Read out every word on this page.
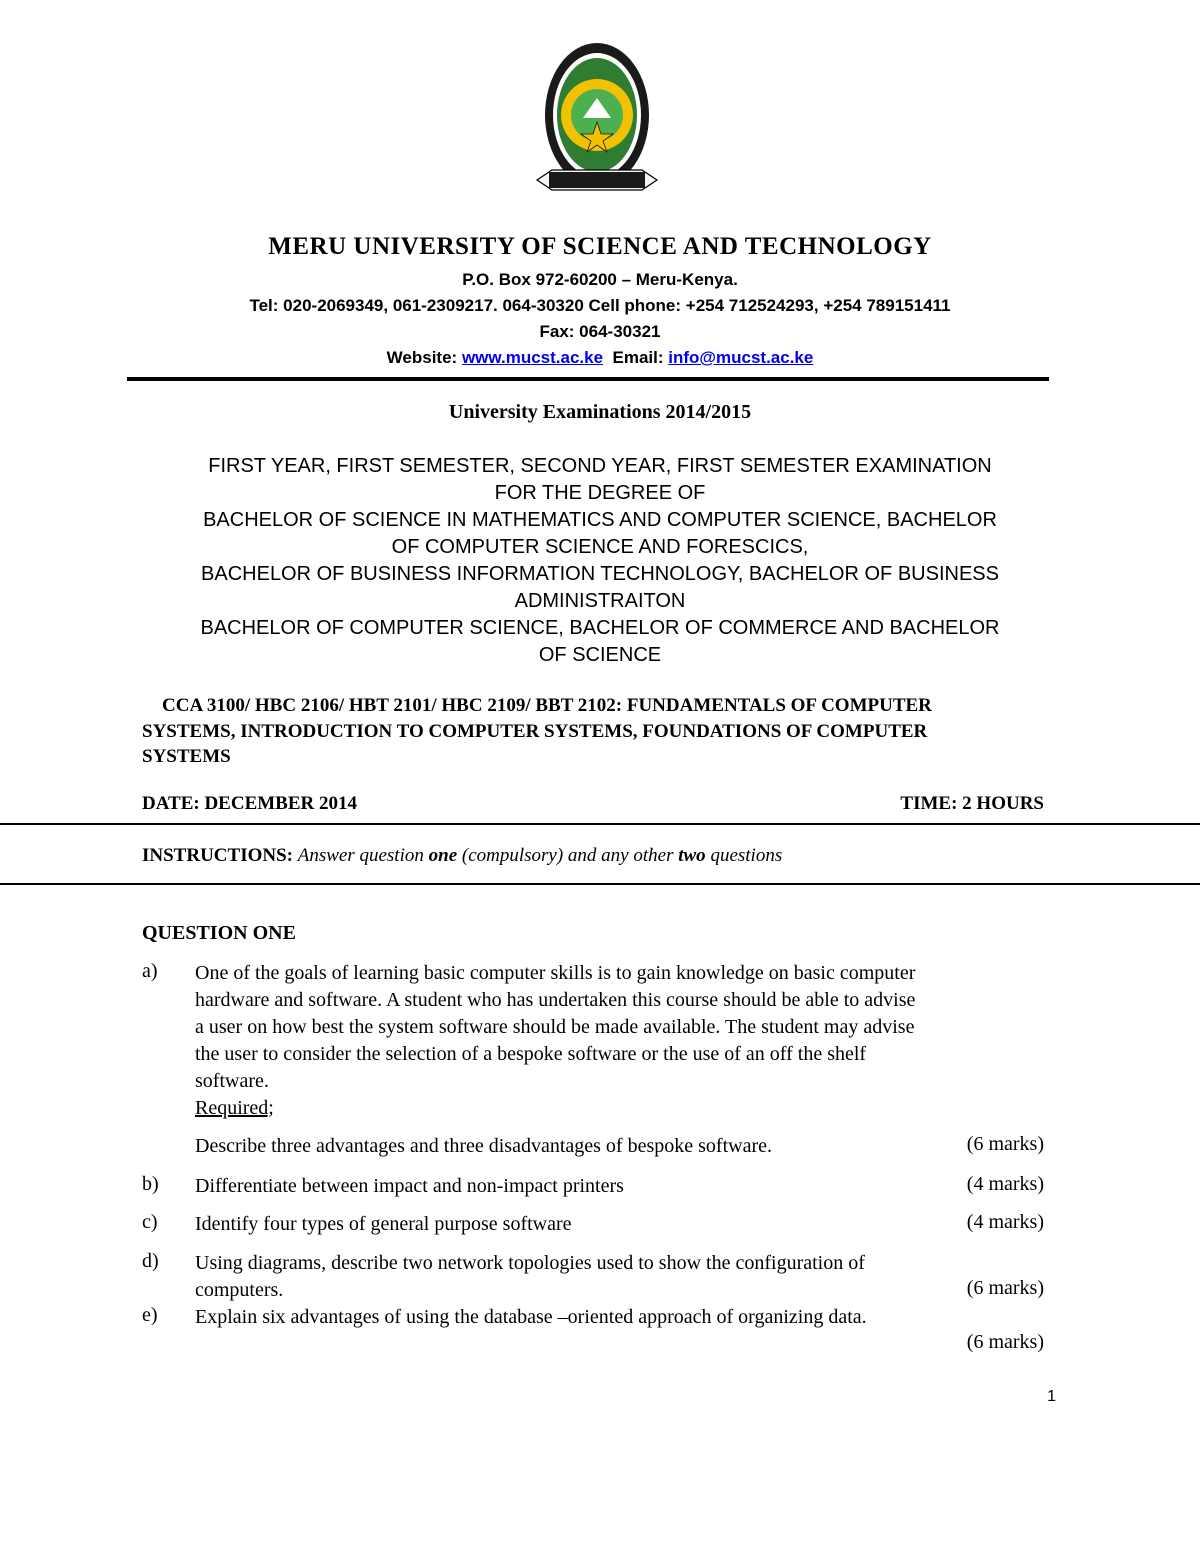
MERU UNIVERSITY OF SCIENCE AND TECHNOLOGY
P.O. Box 972-60200 – Meru-Kenya.
Tel: 020-2069349, 061-2309217. 064-30320 Cell phone: +254 712524293, +254 789151411
Fax: 064-30321
Website: www.mucst.ac.ke Email: info@mucst.ac.ke
University Examinations 2014/2015
FIRST YEAR, FIRST SEMESTER, SECOND YEAR, FIRST SEMESTER EXAMINATION
FOR THE DEGREE OF
BACHELOR OF SCIENCE IN MATHEMATICS AND COMPUTER SCIENCE, BACHELOR
OF COMPUTER SCIENCE AND FORESCICS,
BACHELOR OF BUSINESS INFORMATION TECHNOLOGY, BACHELOR OF BUSINESS
ADMINISTRAITON
BACHELOR OF COMPUTER SCIENCE, BACHELOR OF COMMERCE AND BACHELOR
OF SCIENCE
CCA 3100/ HBC 2106/ HBT 2101/ HBC 2109/ BBT 2102: FUNDAMENTALS OF COMPUTER
SYSTEMS, INTRODUCTION TO COMPUTER SYSTEMS, FOUNDATIONS OF COMPUTER
SYSTEMS
DATE: DECEMBER 2014	TIME: 2 HOURS
INSTRUCTIONS: Answer question one (compulsory) and any other two questions
QUESTION ONE
a) One of the goals of learning basic computer skills is to gain knowledge on basic computer
hardware and software. A student who has undertaken this course should be able to advise
a user on how best the system software should be made available. The student may advise
the user to consider the selection of a bespoke software or the use of an off the shelf
software.
Required;
Describe three advantages and three disadvantages of bespoke software.	(6 marks)
b) Differentiate between impact and non-impact printers	(4 marks)
c) Identify four types of general purpose software	(4 marks)
d) Using diagrams, describe two network topologies used to show the configuration of
computers.	(6 marks)
e) Explain six advantages of using the database –oriented approach of organizing data.
(6 marks)
1
